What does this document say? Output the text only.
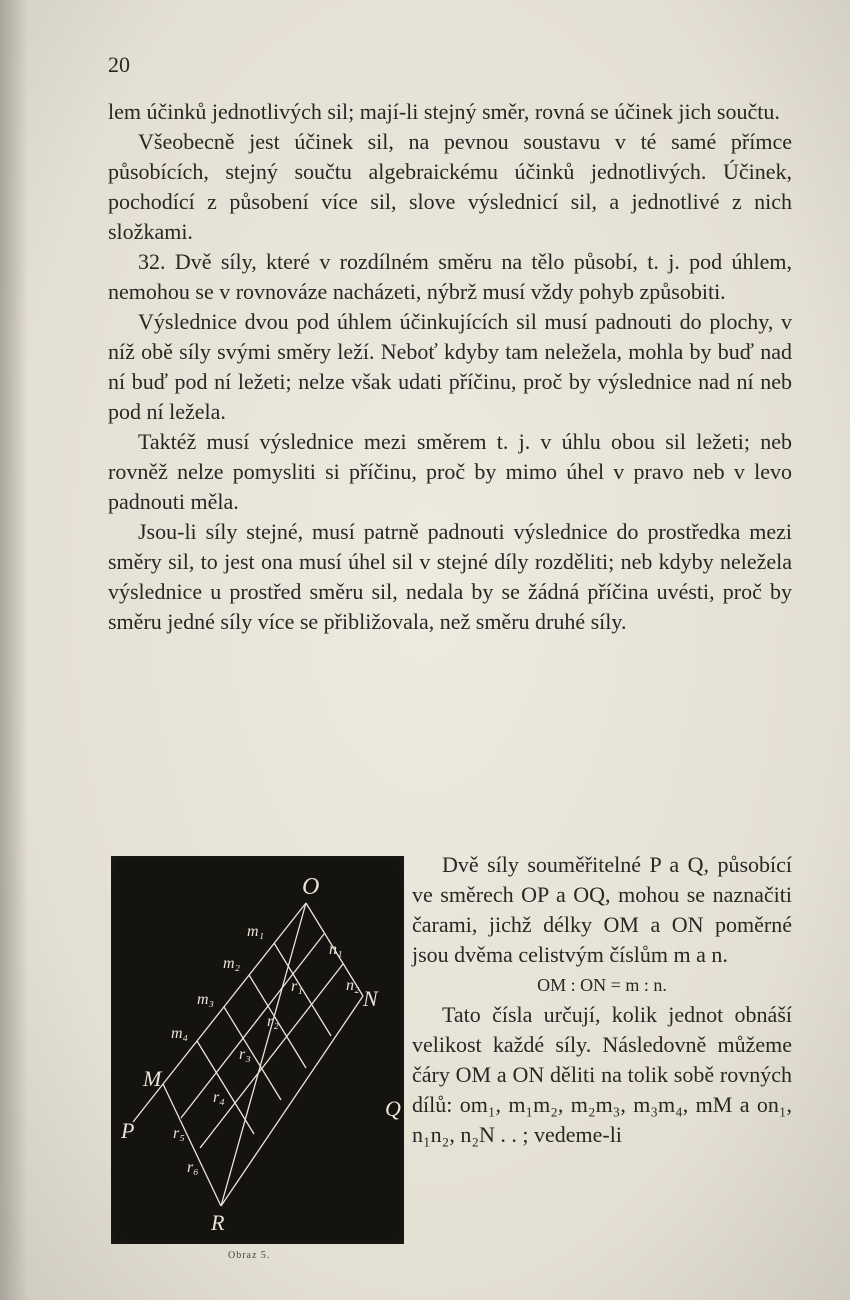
20

lem účinků jednotlivých sil; mají-li stejný směr, rovná se účinek jich součtu.

Všeobecně jest účinek sil, na pevnou soustavu v té samé přímce působících, stejný součtu algebraickému účinků jednotlivých. Účinek, pochodící z působení více sil, slove výslednicí sil, a jednotlivé z nich složkami.

32. Dvě síly, které v rozdílném směru na tělo působí, t. j. pod úhlem, nemohou se v rovnováze nacházeti, nýbrž musí vždy pohyb způsobiti.

Výslednice dvou pod úhlem účinkujících sil musí padnouti do plochy, v níž obě síly svými směry leží. Neboť kdyby tam neležela, mohla by buď nad ní buď pod ní ležeti; nelze však udati příčinu, proč by výslednice nad ní neb pod ní ležela.

Taktéž musí výslednice mezi směrem t. j. v úhlu obou sil ležeti; neb rovněž nelze pomysliti si příčinu, proč by mimo úhel v pravo neb v levo padnouti měla.

Jsou-li síly stejné, musí patrně padnouti výslednice do prostředka mezi směry sil, to jest ona musí úhel sil v stejné díly rozděliti; neb kdyby neležela výslednice u prostřed směru sil, nedala by se žádná příčina uvésti, proč by směru jedné síly více se přibližovala, než směru druhé síly.

O
M
P
N
Q
R
m₁
m₂
m₃
m₄
n₁
n₂
r₁
r₂
r₃
r₄
r₅
r₆
Obraz 5.

Dvě síly souměřitelné P a Q, působící ve směrech OP a OQ, mohou se naznačiti čarami, jichž délky OM a ON poměrné jsou dvěma celistvým číslům m a n.

OM : ON = m : n.

Tato čísla určují, kolik jednot obnáší velikost každé síly. Následovně můžeme čáry OM a ON děliti na tolik sobě rovných dílů: om₁, m₁m₂, m₂m₃, m₃m₄, mM a on₁, n₁n₂, n₂N . . ; vedeme-li
